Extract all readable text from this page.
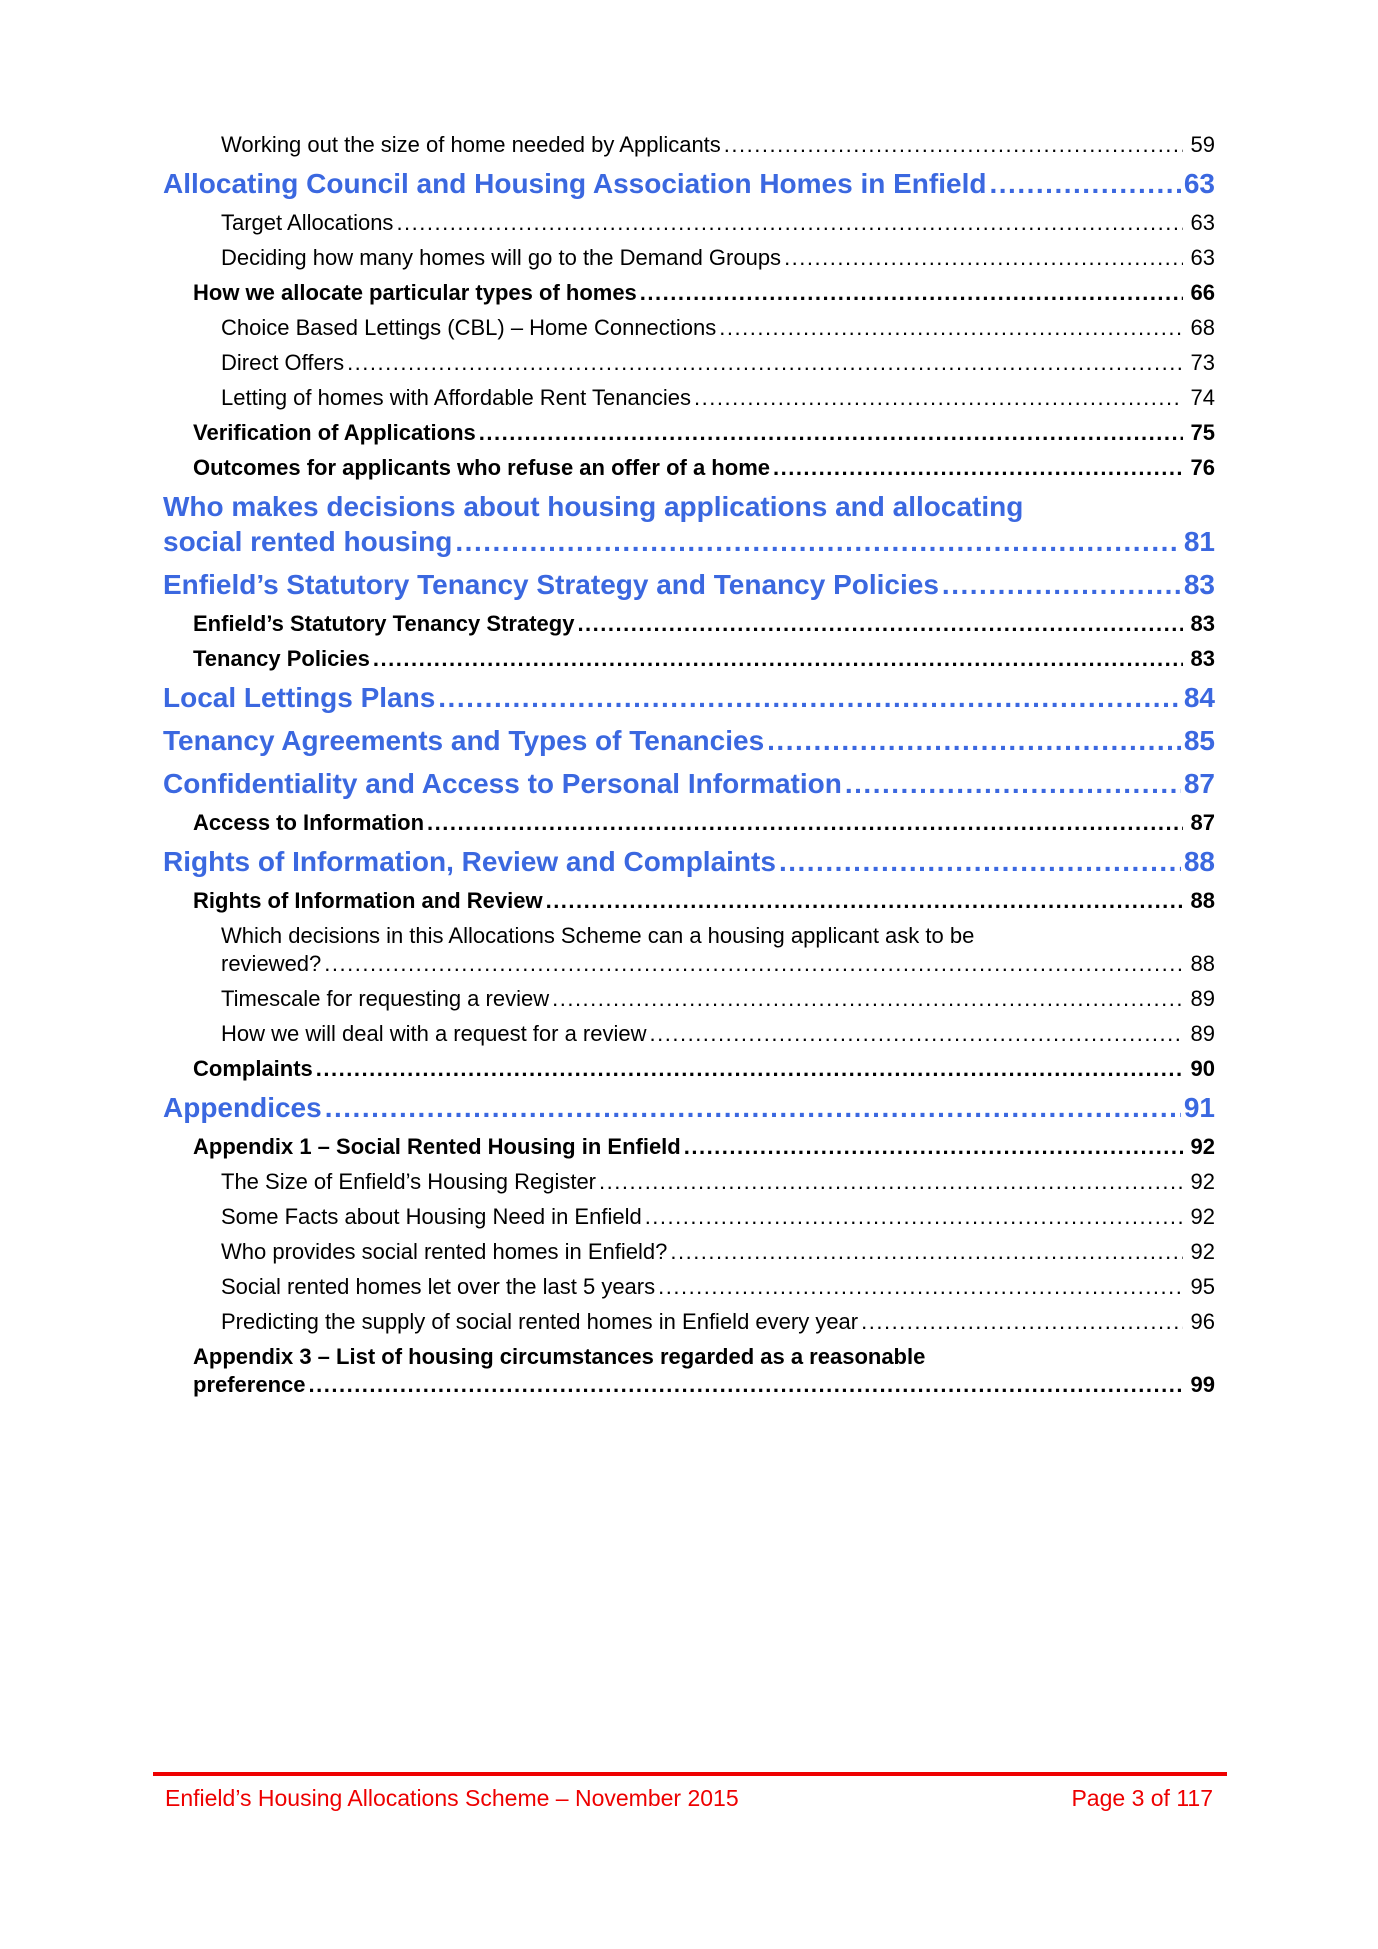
Working out the size of home needed by Applicants .....	59
Allocating Council and Housing Association Homes in Enfield .....	63
Target Allocations .....	63
Deciding how many homes will go to the Demand Groups .....	63
How we allocate particular types of homes .....	66
Choice Based Lettings (CBL) – Home Connections .....	68
Direct Offers .....	73
Letting of homes with Affordable Rent Tenancies .....	74
Verification of Applications .....	75
Outcomes for applicants who refuse an offer of a home .....	76
Who makes decisions about housing applications and allocating
social rented housing .....	81
Enfield’s Statutory Tenancy Strategy and Tenancy Policies .....	83
Enfield’s Statutory Tenancy Strategy .....	83
Tenancy Policies .....	83
Local Lettings Plans .....	84
Tenancy Agreements and Types of Tenancies .....	85
Confidentiality and Access to Personal Information .....	87
Access to Information .....	87
Rights of Information, Review and Complaints .....	88
Rights of Information and Review .....	88
Which decisions in this Allocations Scheme can a housing applicant ask to be
reviewed? .....	88
Timescale for requesting a review .....	89
How we will deal with a request for a review .....	89
Complaints .....	90
Appendices .....	91
Appendix 1 – Social Rented Housing in Enfield .....	92
The Size of Enfield’s Housing Register .....	92
Some Facts about Housing Need in Enfield .....	92
Who provides social rented homes in Enfield? .....	92
Social rented homes let over the last 5 years .....	95
Predicting the supply of social rented homes in Enfield every year .....	96
Appendix 3 – List of housing circumstances regarded as a reasonable
preference .....	99
Enfield’s Housing Allocations Scheme – November 2015	Page 3 of 117
